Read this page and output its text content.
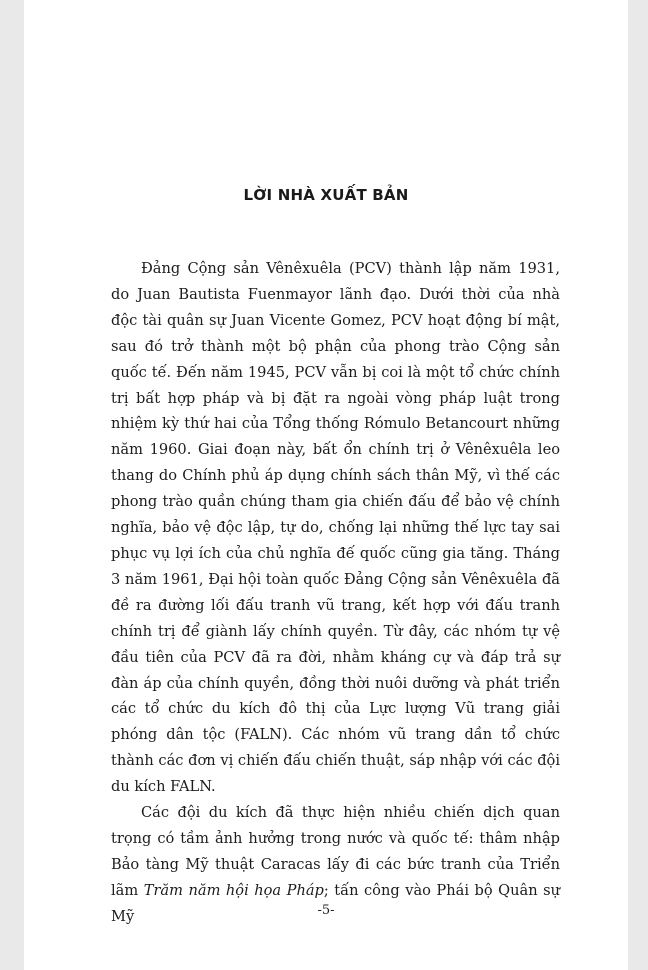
LỜI NHÀ XUẤT BẢN

Đảng Cộng sản Vênêxuêla (PCV) thành lập năm 1931, do Juan Bautista Fuenmayor lãnh đạo. Dưới thời của nhà độc tài quân sự Juan Vicente Gomez, PCV hoạt động bí mật, sau đó trở thành một bộ phận của phong trào Cộng sản quốc tế. Đến năm 1945, PCV vẫn bị coi là một tổ chức chính trị bất hợp pháp và bị đặt ra ngoài vòng pháp luật trong nhiệm kỳ thứ hai của Tổng thống Rómulo Betancourt những năm 1960. Giai đoạn này, bất ổn chính trị ở Vênêxuêla leo thang do Chính phủ áp dụng chính sách thân Mỹ, vì thế các phong trào quần chúng tham gia chiến đấu để bảo vệ chính nghĩa, bảo vệ độc lập, tự do, chống lại những thế lực tay sai phục vụ lợi ích của chủ nghĩa đế quốc cũng gia tăng. Tháng 3 năm 1961, Đại hội toàn quốc Đảng Cộng sản Vênêxuêla đã đề ra đường lối đấu tranh vũ trang, kết hợp với đấu tranh chính trị để giành lấy chính quyền. Từ đây, các nhóm tự vệ đầu tiên của PCV đã ra đời, nhằm kháng cự và đáp trả sự đàn áp của chính quyền, đồng thời nuôi dưỡng và phát triển các tổ chức du kích đô thị của Lực lượng Vũ trang giải phóng dân tộc (FALN). Các nhóm vũ trang dần tổ chức thành các đơn vị chiến đấu chiến thuật, sáp nhập với các đội du kích FALN.

Các đội du kích đã thực hiện nhiều chiến dịch quan trọng có tầm ảnh hưởng trong nước và quốc tế: thâm nhập Bảo tàng Mỹ thuật Caracas lấy đi các bức tranh của Triển lãm Trăm năm hội họa Pháp; tấn công vào Phái bộ Quân sự Mỹ	-5-
